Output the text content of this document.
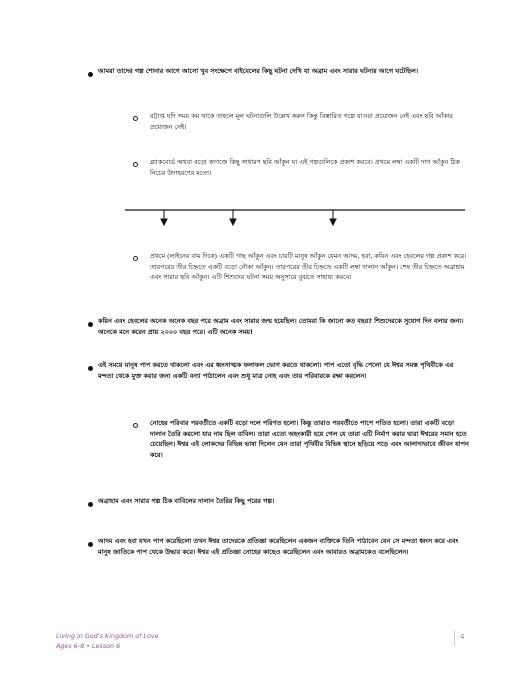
আমরা তাদের গল্প শোনার আগে আসো খুব সংক্ষেপে বাইবেলের কিছু ঘটনা দেখি যা অব্রাম এবং সারার ঘটনার আগে ঘটেছিল।
রট্টাপ্ত যদি সময় কম থাকে তাহলে মূল ঘটনাগুলি উল্লেখ করুন কিন্তু বিস্তারিত গল্পে যাওয়া প্রয়োজন নেই এবং ছবি আঁকার প্রয়োজন নেই।
ব্ল্যাকবোর্ড অথবা বড়ো কাগজে কিছু সাধারণ ছবি আঁকুন যা এই গল্পগুলিকে প্রকাশ করবে। প্রথমে লম্বা একটি দাগ আঁকুন ঠিক নিচের উদাহরণের মতো।
প্রথমে (লাইনের বাম দিকে) একটি গাছ আঁকুন এবং চারটি মানুষ আঁকুন যেমন আদম, হবা, কয়িন এবং হেবলের গল্প প্রকাশ করে। তারপরের তীর চিহ্নতে একটি বড়ো নৌকা আঁকুন। তারপরের তীর চিহ্নতে একটি লম্বা দালান আঁকুন। শেষ তীর চিহ্নতে অব্রাহাম এবং সারার ছবি আঁকুন। এটি শিশুদের ঘটনা সময় অনুসারে বুঝতে সাহায্য করবে।
কয়িন এবং হেবলের অনেক অনেক বছর পরে অব্রাম এবং সারার জন্ম হয়েছিল। তোমরা কি জানো কত বছর? শিশুদেরকে সুযোগ দিন বলার জন্য। অনেকে মনে করেন প্রায় ২০০০ বছর পরে। এটি অনেক সময়!
এই সময়ে মানুষ পাপ করতে থাকলো এবং এর ধ্বংসাত্মক ফলাফল ভোগ করতে থাকলো। পাপ এতো বৃদ্ধি পেলো যে ঈশ্বর সমস্ত পৃথিবীকে এর মন্দতা থেকে মুক্ত করার জন্য একটি বন্যা পাঠালেন এবং শুধু মাত্র নোহ এবং তার পরিবারকে রক্ষা করলেন।
নোহের পরিবার পরবর্তীতে একটি বড়ো দলে পরিণত হলো। কিন্তু তারাও পরবর্তীতে পাপে পতিত হলো। তারা একটি বড়ো দালান তৈরি করলো যার নাম ছিল বাবিল। তারা এতো অহংকারী হয়ে গেল যে তারা এটি নির্মাণ করার দ্বারা ঈশ্বরের সমান হতে চেয়েছিল। ঈশ্বর এই লোকদের বিভিন্ন ভাষা দিলেন যেন তারা পৃথিবীর বিভিন্ন স্থানে ছড়িয়ে পড়ে এবং আলাদাভাবে জীবন যাপন করে।
অব্রাহাম এবং সারার গল্প ঠিক বাবিলের দালান তৈরির কিছু পরের গল্প।
আদম এবং হবা যখন পাপ করেছিলো তখন ঈশ্বর তাদেরকে প্রতিজ্ঞা করেছিলেন একজন ব্যক্তিকে তিনি পাঠাবেন যেন সে মন্দতা ধ্বংস করে এবং মানুষ জাতিকে পাপ থেকে উদ্ধার করে। ঈশ্বর এই প্রতিজ্ঞা নোহের কাছেও করেছিলেন এবং আবারও অব্রামকেও বলেছিলেন।
Living in God's Kingdom of Love
Ages 6-8 • Lesson 6
4
